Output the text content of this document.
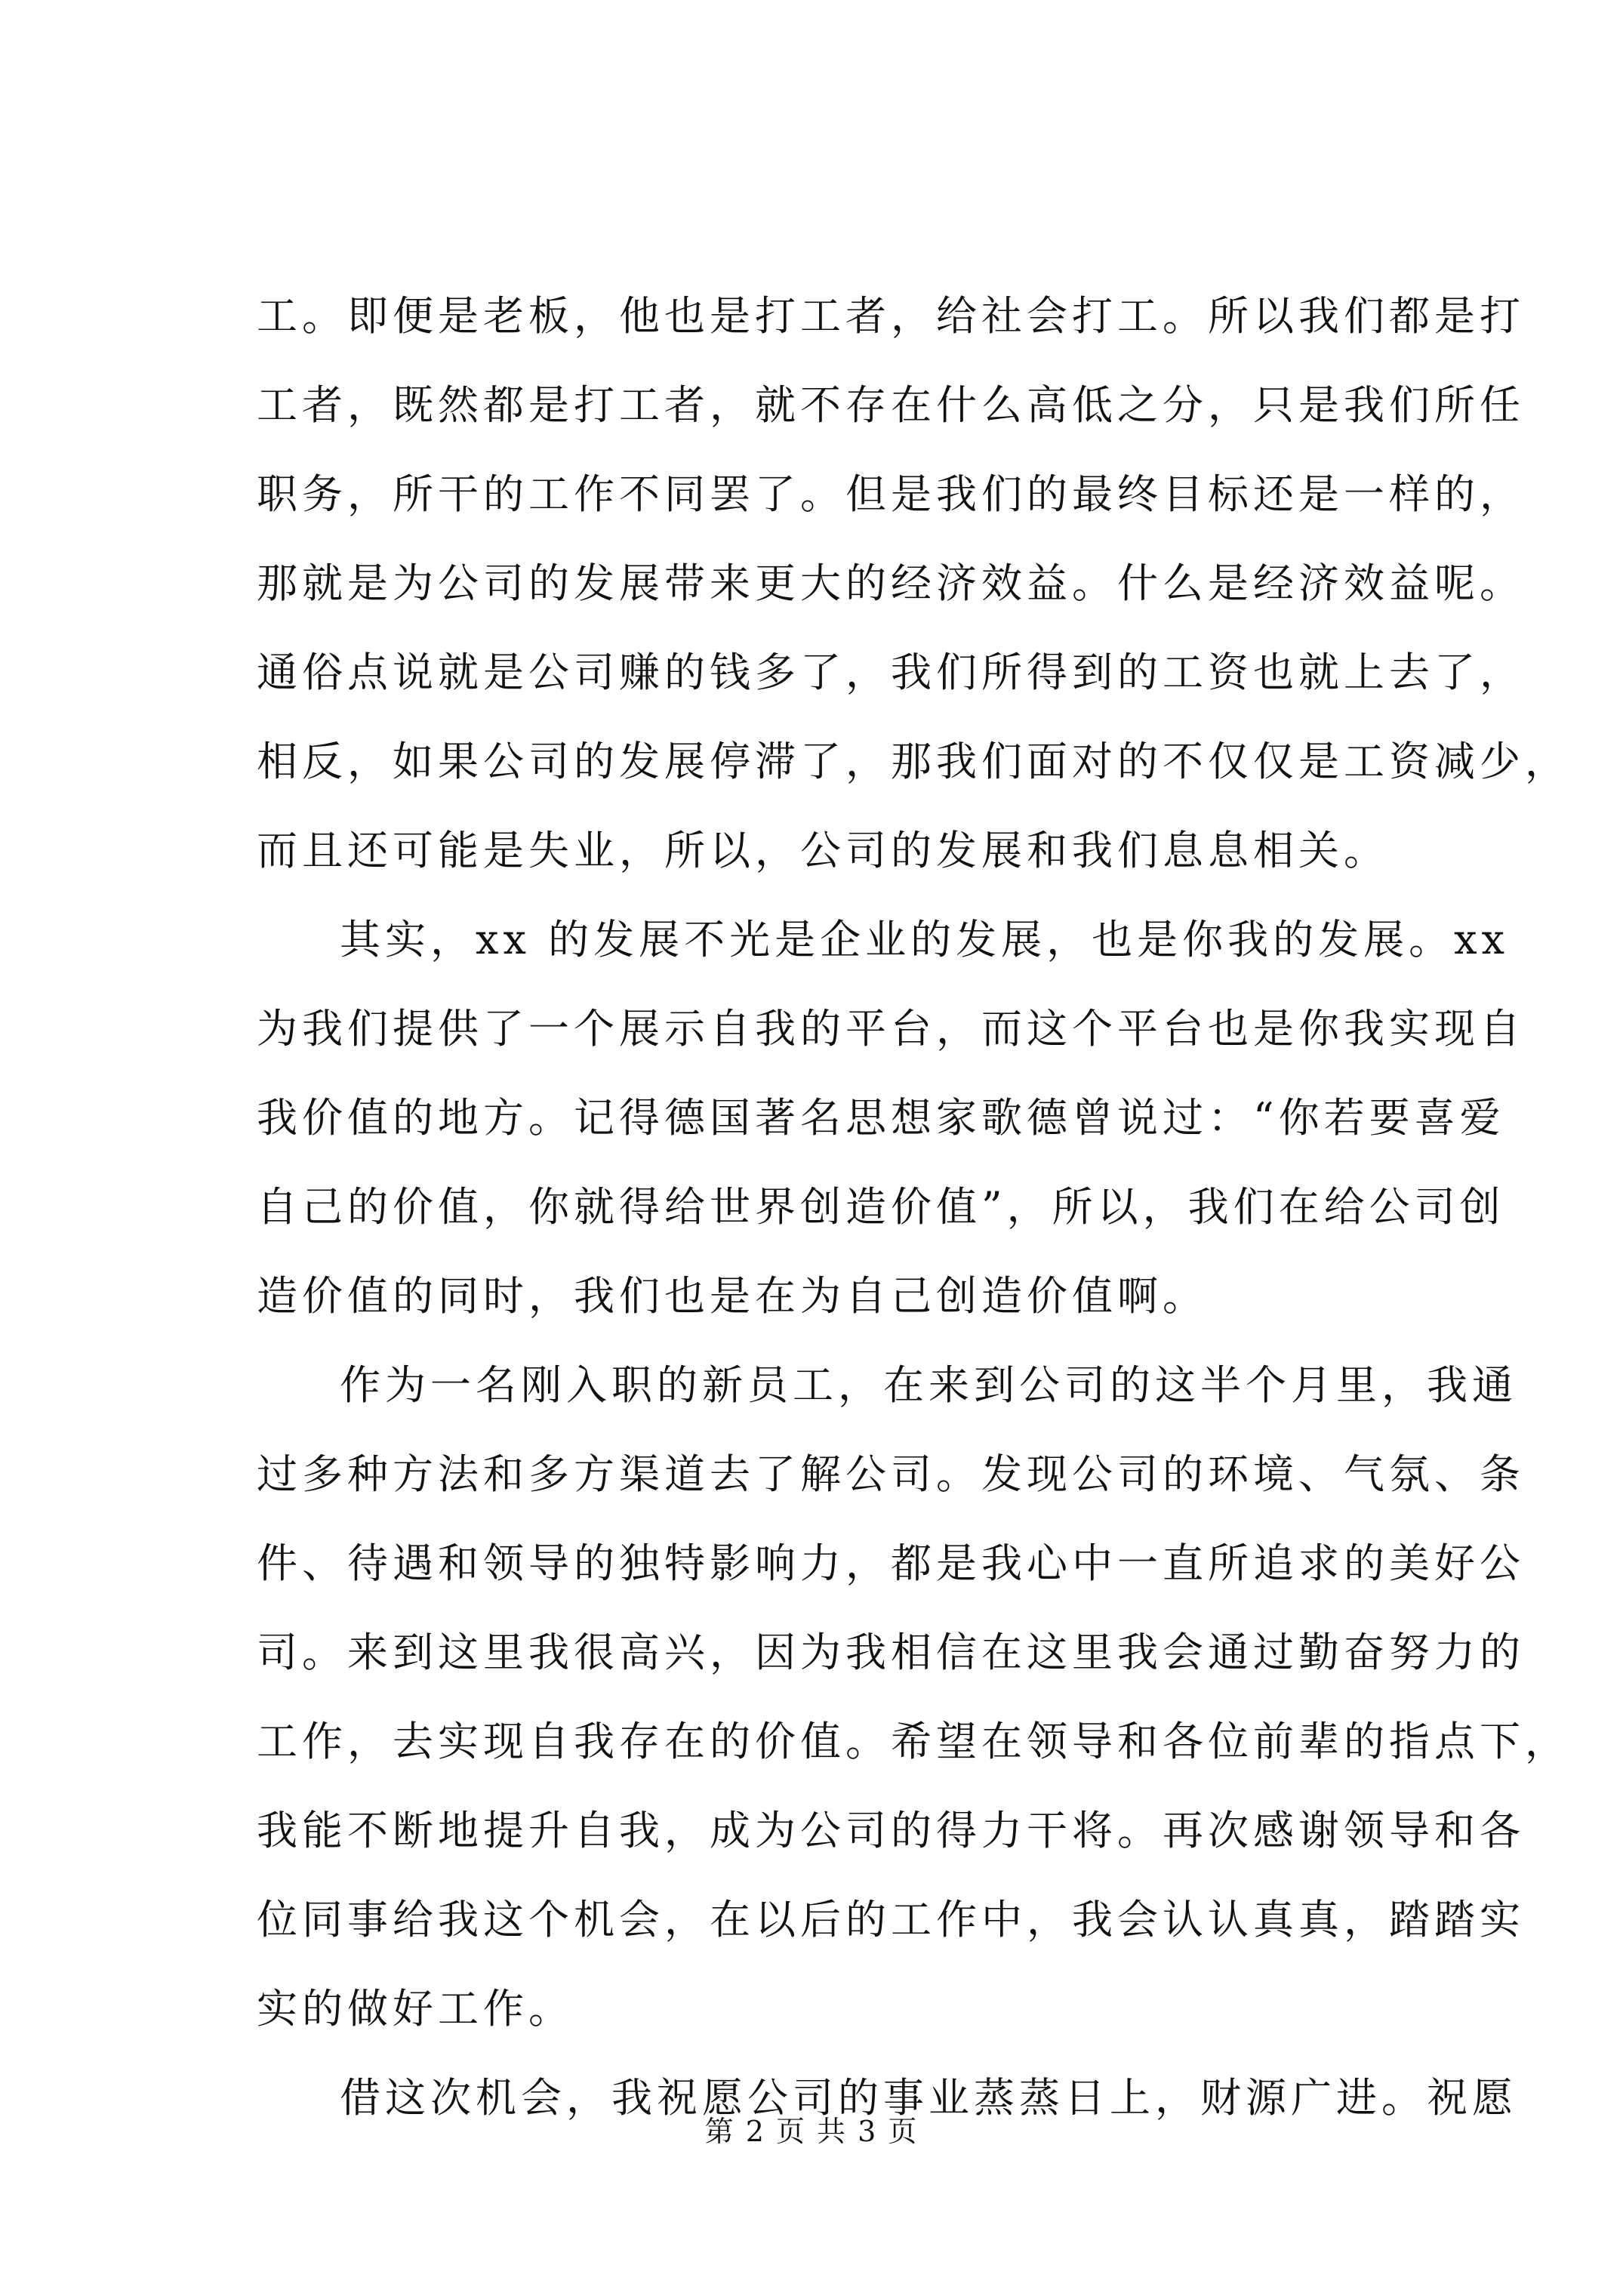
工。即便是老板，他也是打工者，给社会打工。所以我们都是打
工者，既然都是打工者，就不存在什么高低之分，只是我们所任
职务，所干的工作不同罢了。但是我们的最终目标还是一样的，
那就是为公司的发展带来更大的经济效益。什么是经济效益呢。
通俗点说就是公司赚的钱多了，我们所得到的工资也就上去了，
相反，如果公司的发展停滞了，那我们面对的不仅仅是工资减少，
而且还可能是失业，所以，公司的发展和我们息息相关。
其实，xx 的发展不光是企业的发展，也是你我的发展。xx
为我们提供了一个展示自我的平台，而这个平台也是你我实现自
我价值的地方。记得德国著名思想家歌德曾说过：“你若要喜爱
自己的价值，你就得给世界创造价值”，所以，我们在给公司创
造价值的同时，我们也是在为自己创造价值啊。
作为一名刚入职的新员工，在来到公司的这半个月里，我通
过多种方法和多方渠道去了解公司。发现公司的环境、气氛、条
件、待遇和领导的独特影响力，都是我心中一直所追求的美好公
司。来到这里我很高兴，因为我相信在这里我会通过勤奋努力的
工作，去实现自我存在的价值。希望在领导和各位前辈的指点下，
我能不断地提升自我，成为公司的得力干将。再次感谢领导和各
位同事给我这个机会，在以后的工作中，我会认认真真，踏踏实
实的做好工作。
借这次机会，我祝愿公司的事业蒸蒸日上，财源广进。祝愿
第 2 页 共 3 页
